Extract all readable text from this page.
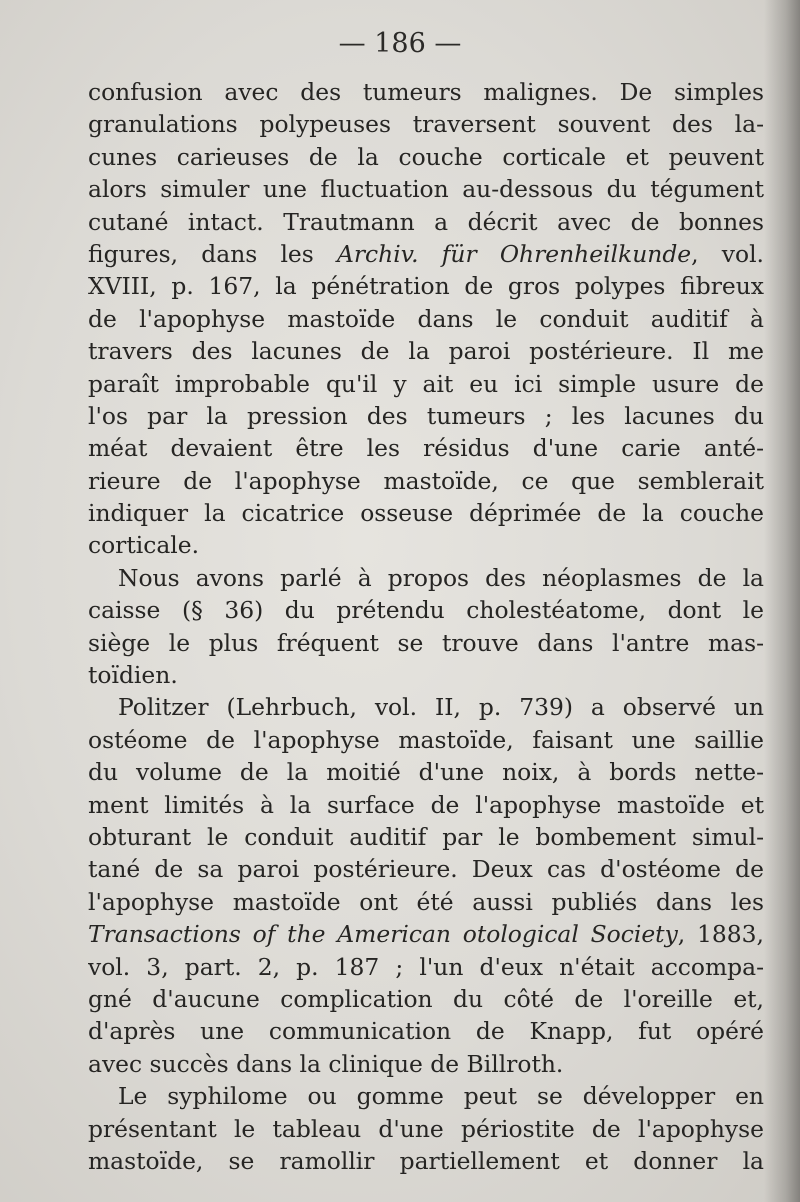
— 186 —
confusion avec des tumeurs malignes. De simples
granulations polypeuses traversent souvent des la-
cunes carieuses de la couche corticale et peuvent
alors simuler une fluctuation au-dessous du tégument
cutané intact. Trautmann a décrit avec de bonnes
figures, dans les Archiv. für Ohrenheilkunde, vol.
XVIII, p. 167, la pénétration de gros polypes fibreux
de l'apophyse mastoïde dans le conduit auditif à
travers des lacunes de la paroi postérieure. Il me
paraît improbable qu'il y ait eu ici simple usure de
l'os par la pression des tumeurs ; les lacunes du
méat devaient être les résidus d'une carie anté-
rieure de l'apophyse mastoïde, ce que semblerait
indiquer la cicatrice osseuse déprimée de la couche
corticale.
Nous avons parlé à propos des néoplasmes de la
caisse (§ 36) du prétendu cholestéatome, dont le
siège le plus fréquent se trouve dans l'antre mas-
toïdien.
Politzer (Lehrbuch, vol. II, p. 739) a observé un
ostéome de l'apophyse mastoïde, faisant une saillie
du volume de la moitié d'une noix, à bords nette-
ment limités à la surface de l'apophyse mastoïde et
obturant le conduit auditif par le bombement simul-
tané de sa paroi postérieure. Deux cas d'ostéome de
l'apophyse mastoïde ont été aussi publiés dans les
Transactions of the American otological Society, 1883,
vol. 3, part. 2, p. 187 ; l'un d'eux n'était accompa-
gné d'aucune complication du côté de l'oreille et,
d'après une communication de Knapp, fut opéré
avec succès dans la clinique de Billroth.
Le syphilome ou gomme peut se développer en
présentant le tableau d'une périostite de l'apophyse
mastoïde, se ramollir partiellement et donner la
